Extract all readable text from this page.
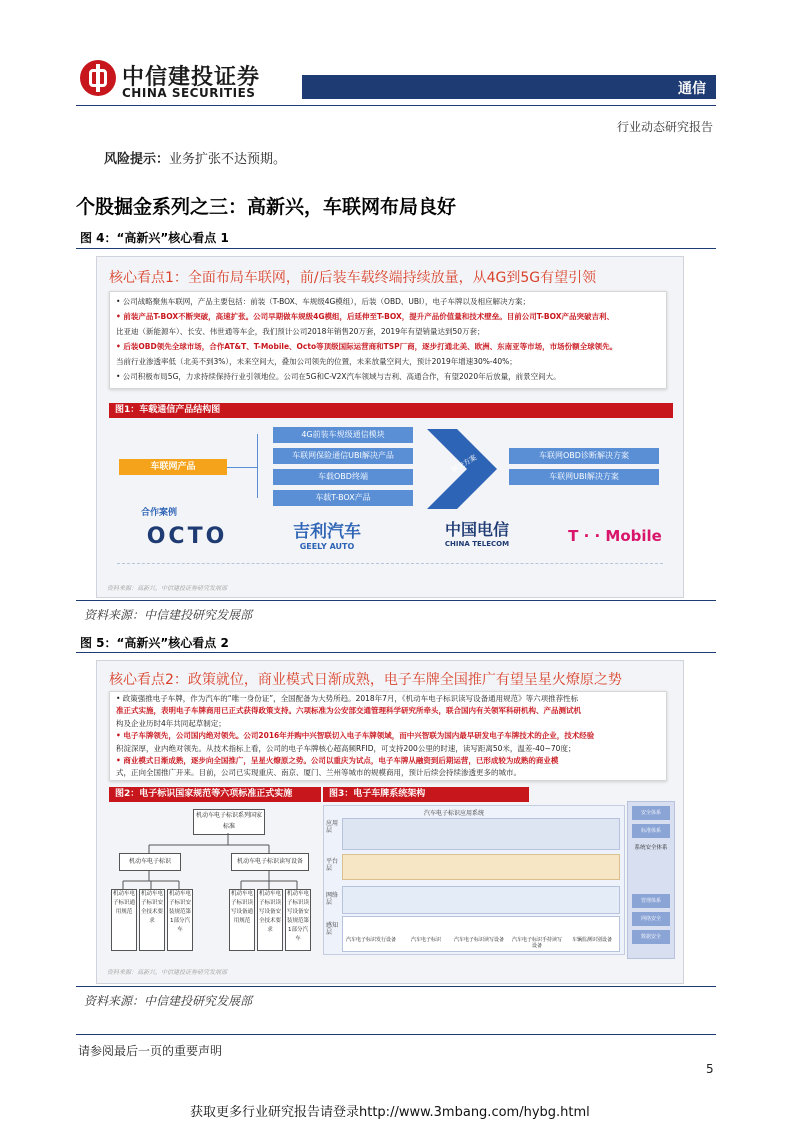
中信建投证券
CHINA SECURITIES	通信
行业动态研究报告
风险提示：业务扩张不达预期。
个股掘金系列之三：高新兴，车联网布局良好
图 4：“高新兴”核心看点 1
核心看点1：全面布局车联网，前/后装车载终端持续放量，从4G到5G有望引领
• 公司战略聚焦车联网，产品主要包括：前装（T-BOX、车规级4G模组），后装（OBD、UBI），电子车牌以及相应解决方案；
• 前装产品T-BOX不断突破，高速扩张。公司早期做车规级4G模组，后延伸至T-BOX，提升产品价值量和技术壁垒。目前公司T-BOX产品突破吉利、
比亚迪（新能源车）、长安、伟世通等车企，我们预计公司2018年销售20万套，2019年有望销量达到50万套；
• 后装OBD领先全球市场，合作AT&T、T-Mobile、Octo等顶级国际运营商和TSP厂商，逐步打通北美、欧洲、东南亚等市场，市场份额全球领先。
当前行业渗透率低（北美不到3%），未来空间大，叠加公司领先的位置，未来放量空间大，预计2019年增速30%-40%；
• 公司积极布局5G，力求持续保持行业引领地位。公司在5G和C-V2X汽车领域与吉利、高通合作，有望2020年后放量，前景空间大。
图1：车载通信产品结构图
车联网产品
4G前装车规级通信模块
车联网保险通信UBI解决产品
车载OBD终端
车载T-BOX产品
解决方案	车联网OBD诊断解决方案
车联网UBI解决方案
合作案例
OCTO	吉利汽车
GEELY AUTO
中国电信
CHINA TELECOM	T · · Mobile
资料来源：高新兴，中信建投证券研究发展部
资料来源：中信建投研究发展部
图 5：“高新兴”核心看点 2
核心看点2：政策就位，商业模式日渐成熟，电子车牌全国推广有望呈星火燎原之势
• 政策强推电子车牌，作为汽车的“唯一身份证”，全国配备为大势所趋。2018年7月，《机动车电子标识读写设备通用规范》等六项推荐性标
准正式实施，表明电子车牌商用已正式获得政策支持。六项标准为公安部交通管理科学研究所牵头，联合国内有关领军科研机构、产品测试机
构及企业历时4年共同起草制定；
• 电子车牌领先，公司国内绝对领先。公司2016年并购中兴智联切入电子车牌领域，而中兴智联为国内最早研发电子车牌技术的企业，技术经验
积淀深厚，业内绝对领先。从技术指标上看，公司的电子车牌核心超高频RFID，可支持200公里的时速，读写距离50米，温差-40~70度；
• 商业模式日渐成熟，逐步向全国推广，呈星火燎原之势。公司以重庆为试点，电子车牌从融资到后期运营，已形成较为成熟的商业模
式，正向全国推广开来。目前，公司已实现重庆、南京、厦门、兰州等城市的规模商用，预计后续会持续渗透更多的城市。
图2：电子标识国家规范等六项标准正式实施	图3：电子车牌系统架构
机动车电子标识系列国家标准
机动车电子标识	机动车电子标识读写设备
机动车电子标识通用规范
机动车电子标识安全技术要求
机动车电子标识安装规范第1部分汽车
机动车电子标识读写设备通用规范
机动车电子标识读写设备安全技术要求
机动车电子标识读写设备安装规范第1部分汽车
汽车电子标识应用系统
应用层
平台层
网络层
感知层
汽车电子标识发行设备	汽车电子标识	汽车电子标识读写设备	汽车电子标识手持读写设备
车辆监测识别设备
安全体系
标准体系
系统安全体系
管理体系
网络安全
数据安全
资料来源：高新兴，中信建投证券研究发展部
资料来源：中信建投研究发展部
请参阅最后一页的重要声明
5
获取更多行业研究报告请登录http://www.3mbang.com/hybg.html
